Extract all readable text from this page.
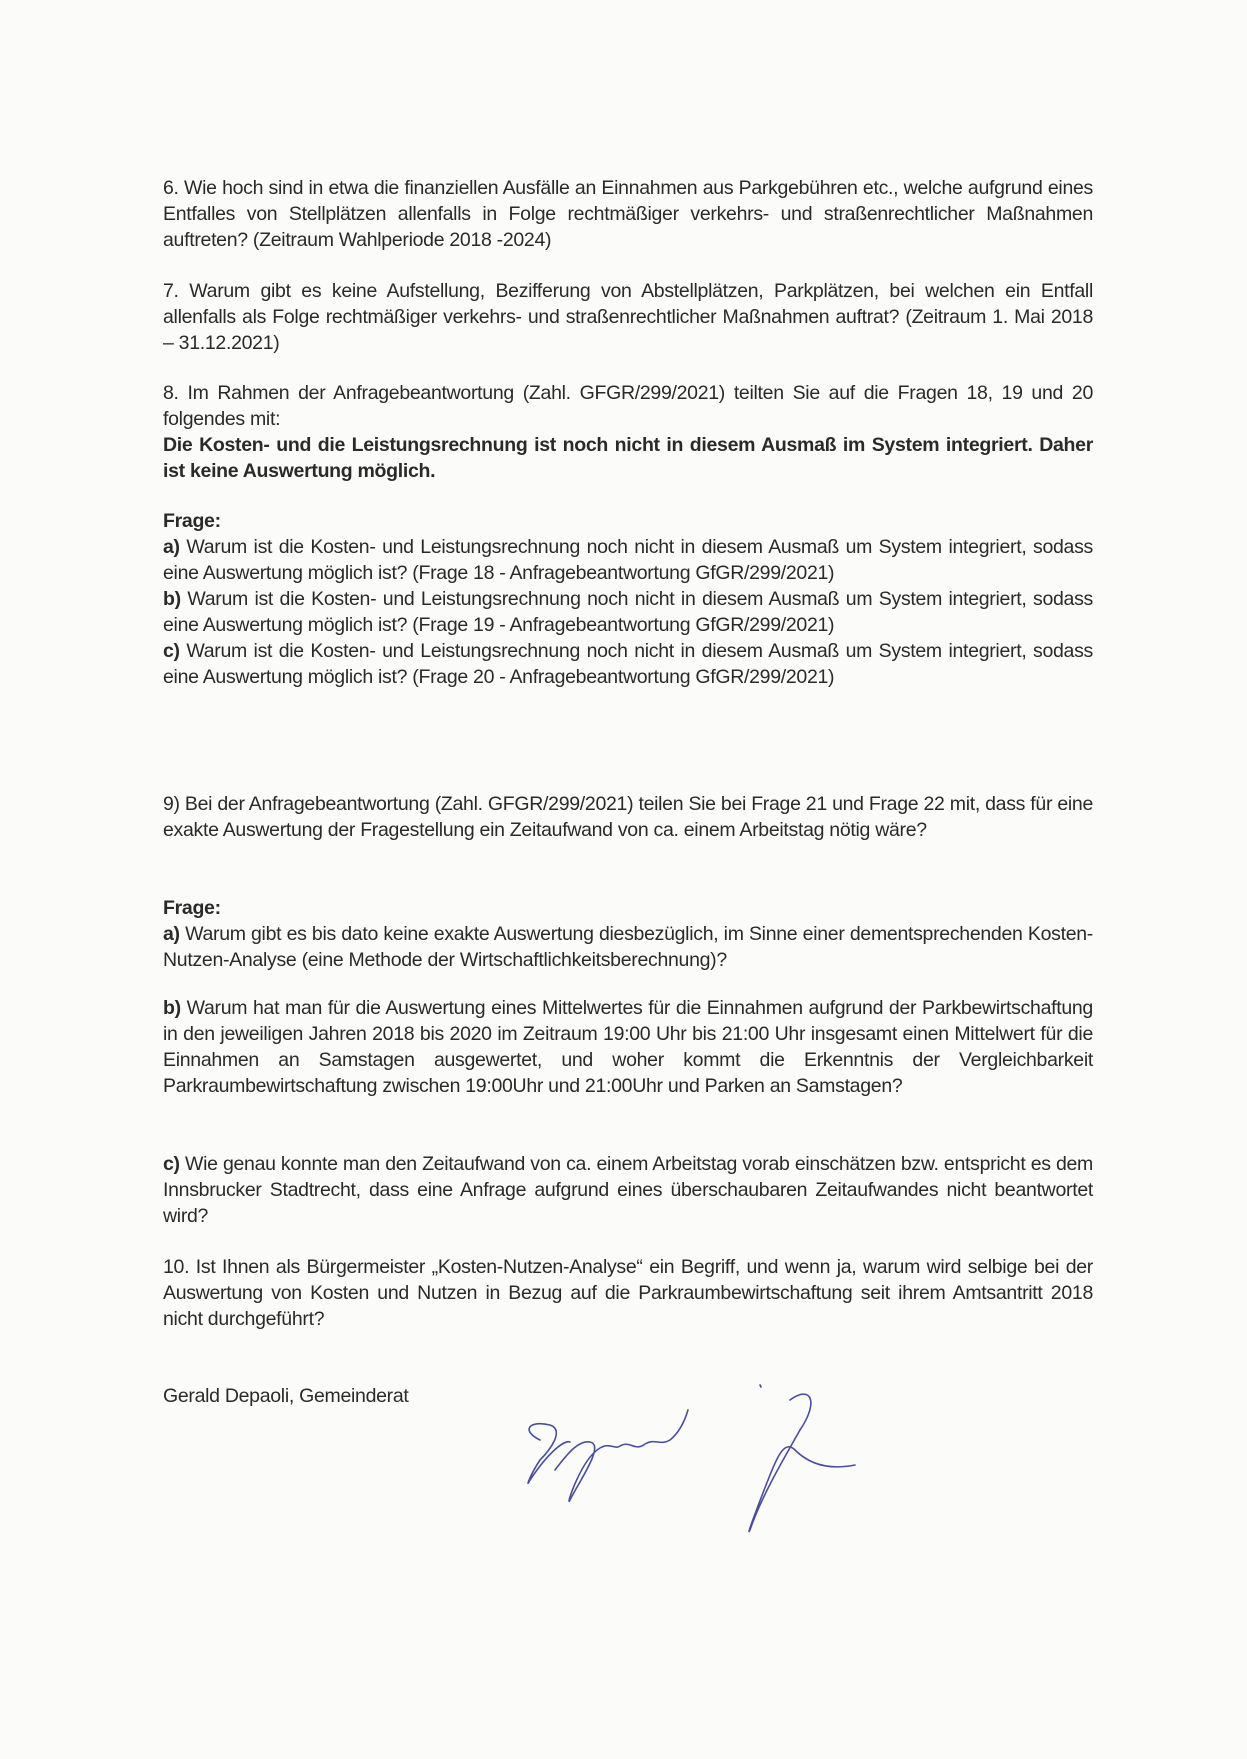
6. Wie hoch sind in etwa die finanziellen Ausfälle an Einnahmen aus Parkgebühren etc., welche aufgrund eines Entfalles von Stellplätzen allenfalls in Folge rechtmäßiger verkehrs- und straßenrechtlicher Maßnahmen auftreten? (Zeitraum Wahlperiode 2018 -2024)

7. Warum gibt es keine Aufstellung, Bezifferung von Abstellplätzen, Parkplätzen, bei welchen ein Entfall allenfalls als Folge rechtmäßiger verkehrs- und straßenrechtlicher Maßnahmen auftrat? (Zeitraum 1. Mai 2018 – 31.12.2021)

8. Im Rahmen der Anfragebeantwortung (Zahl. GFGR/299/2021) teilten Sie auf die Fragen 18, 19 und 20 folgendes mit:

Die Kosten- und die Leistungsrechnung ist noch nicht in diesem Ausmaß im System integriert. Daher ist keine Auswertung möglich.

Frage:
a) Warum ist die Kosten- und Leistungsrechnung noch nicht in diesem Ausmaß um System integriert, sodass eine Auswertung möglich ist? (Frage 18 - Anfragebeantwortung GfGR/299/2021)
b) Warum ist die Kosten- und Leistungsrechnung noch nicht in diesem Ausmaß um System integriert, sodass eine Auswertung möglich ist? (Frage 19 - Anfragebeantwortung GfGR/299/2021)
c) Warum ist die Kosten- und Leistungsrechnung noch nicht in diesem Ausmaß um System integriert, sodass eine Auswertung möglich ist? (Frage 20 - Anfragebeantwortung GfGR/299/2021)

9) Bei der Anfragebeantwortung (Zahl. GFGR/299/2021) teilen Sie bei Frage 21 und Frage 22 mit, dass für eine exakte Auswertung der Fragestellung ein Zeitaufwand von ca. einem Arbeitstag nötig wäre?

Frage:
a) Warum gibt es bis dato keine exakte Auswertung diesbezüglich, im Sinne einer dementsprechenden Kosten-Nutzen-Analyse (eine Methode der Wirtschaftlichkeitsberechnung)?

b) Warum hat man für die Auswertung eines Mittelwertes für die Einnahmen aufgrund der Parkbewirtschaftung in den jeweiligen Jahren 2018 bis 2020 im Zeitraum 19:00 Uhr bis 21:00 Uhr insgesamt einen Mittelwert für die Einnahmen an Samstagen ausgewertet, und woher kommt die Erkenntnis der Vergleichbarkeit Parkraumbewirtschaftung zwischen 19:00Uhr und 21:00Uhr und Parken an Samstagen?

c) Wie genau konnte man den Zeitaufwand von ca. einem Arbeitstag vorab einschätzen bzw. entspricht es dem Innsbrucker Stadtrecht, dass eine Anfrage aufgrund eines überschaubaren Zeitaufwandes nicht beantwortet wird?

10. Ist Ihnen als Bürgermeister „Kosten-Nutzen-Analyse“ ein Begriff, und wenn ja, warum wird selbige bei der Auswertung von Kosten und Nutzen in Bezug auf die Parkraumbewirtschaftung seit ihrem Amtsantritt 2018 nicht durchgeführt?

Gerald Depaoli, Gemeinderat
